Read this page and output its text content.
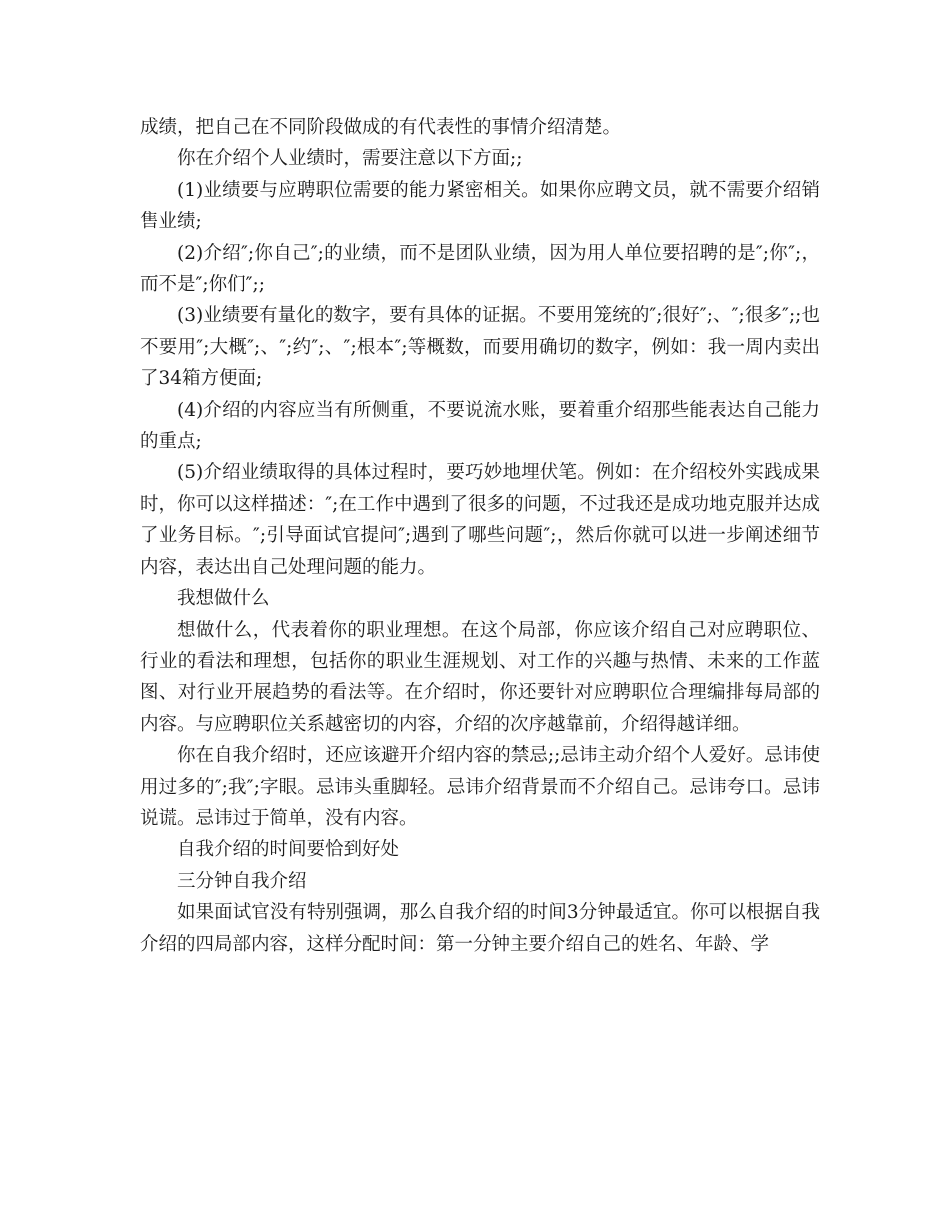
成绩，把自己在不同阶段做成的有代表性的事情介绍清楚。

你在介绍个人业绩时，需要注意以下方面;;

(1)业绩要与应聘职位需要的能力紧密相关。如果你应聘文员，就不需要介绍销售业绩;

(2)介绍″;你自己″;的业绩，而不是团队业绩，因为用人单位要招聘的是″;你″;，而不是″;你们″;;

(3)业绩要有量化的数字，要有具体的证据。不要用笼统的″;很好″;、″;很多″;;也不要用″;大概″;、″;约″;、″;根本″;等概数，而要用确切的数字，例如：我一周内卖出了34箱方便面;

(4)介绍的内容应当有所侧重，不要说流水账，要着重介绍那些能表达自己能力的重点;

(5)介绍业绩取得的具体过程时，要巧妙地埋伏笔。例如：在介绍校外实践成果时，你可以这样描述：″;在工作中遇到了很多的问题，不过我还是成功地克服并达成了业务目标。″;引导面试官提问″;遇到了哪些问题″;，然后你就可以进一步阐述细节内容，表达出自己处理问题的能力。

我想做什么

想做什么，代表着你的职业理想。在这个局部，你应该介绍自己对应聘职位、行业的看法和理想，包括你的职业生涯规划、对工作的兴趣与热情、未来的工作蓝图、对行业开展趋势的看法等。在介绍时，你还要针对应聘职位合理编排每局部的内容。与应聘职位关系越密切的内容，介绍的次序越靠前，介绍得越详细。

你在自我介绍时，还应该避开介绍内容的禁忌;;忌讳主动介绍个人爱好。忌讳使用过多的″;我″;字眼。忌讳头重脚轻。忌讳介绍背景而不介绍自己。忌讳夸口。忌讳说谎。忌讳过于简单，没有内容。

自我介绍的时间要恰到好处

三分钟自我介绍

如果面试官没有特别强调，那么自我介绍的时间3分钟最适宜。你可以根据自我介绍的四局部内容，这样分配时间：第一分钟主要介绍自己的姓名、年龄、学
